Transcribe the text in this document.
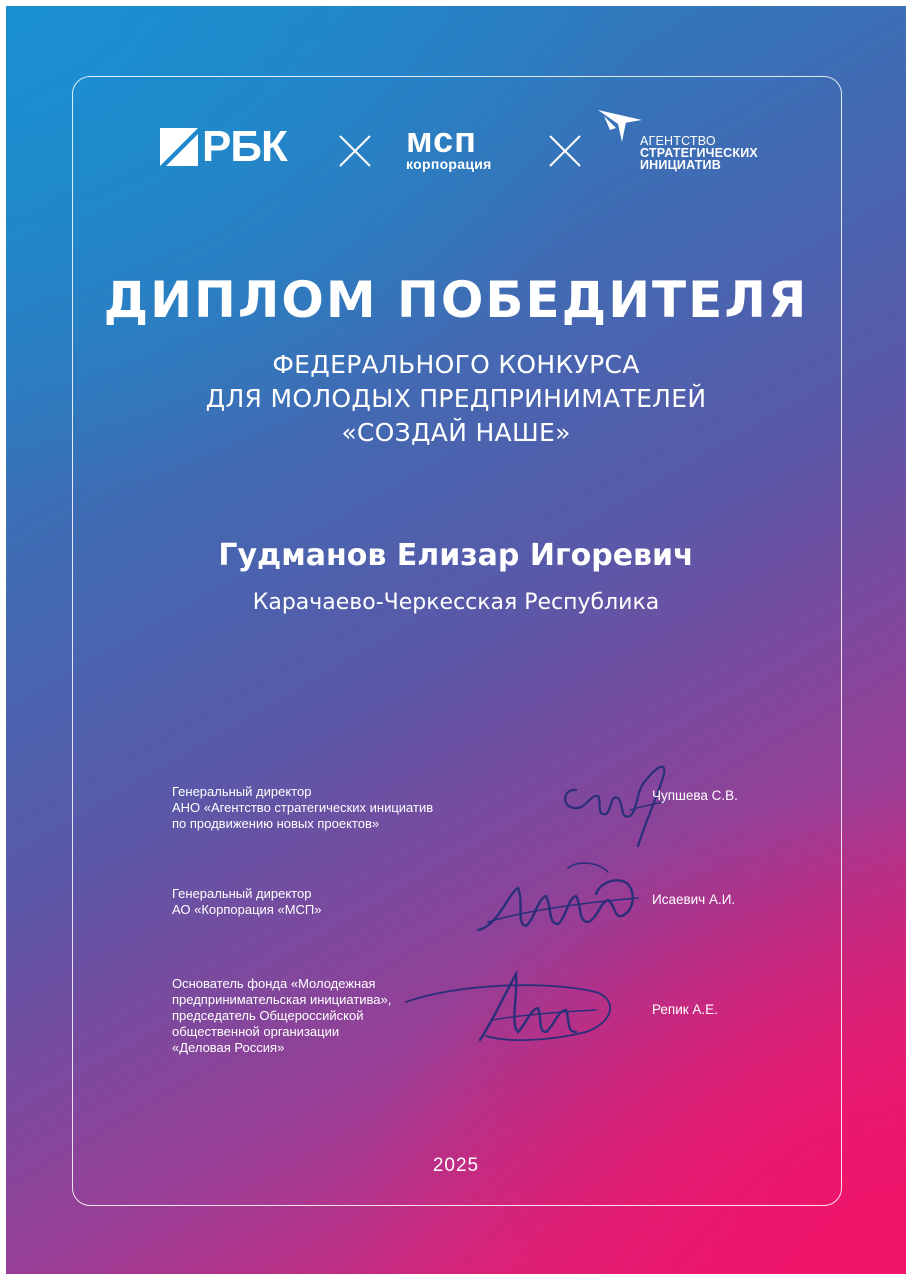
РБК	мсп
корпорация
АГЕНТСТВО
СТРАТЕГИЧЕСКИХ
ИНИЦИАТИВ
ДИПЛОМ ПОБЕДИТЕЛЯ
ФЕДЕРАЛЬНОГО КОНКУРСА
ДЛЯ МОЛОДЫХ ПРЕДПРИНИМАТЕЛЕЙ
«СОЗДАЙ НАШЕ»
Гудманов Елизар Игоревич
Карачаево-Черкесская Республика
Генеральный директор
АНО «Агентство стратегических инициатив
по продвижению новых проектов»
Чупшева С.В.
Генеральный директор
АО «Корпорация «МСП»
Исаевич А.И.
Основатель фонда «Молодежная
предпринимательская инициатива»,
председатель Общероссийской
общественной организации
«Деловая Россия»
Репик А.Е.
2025
